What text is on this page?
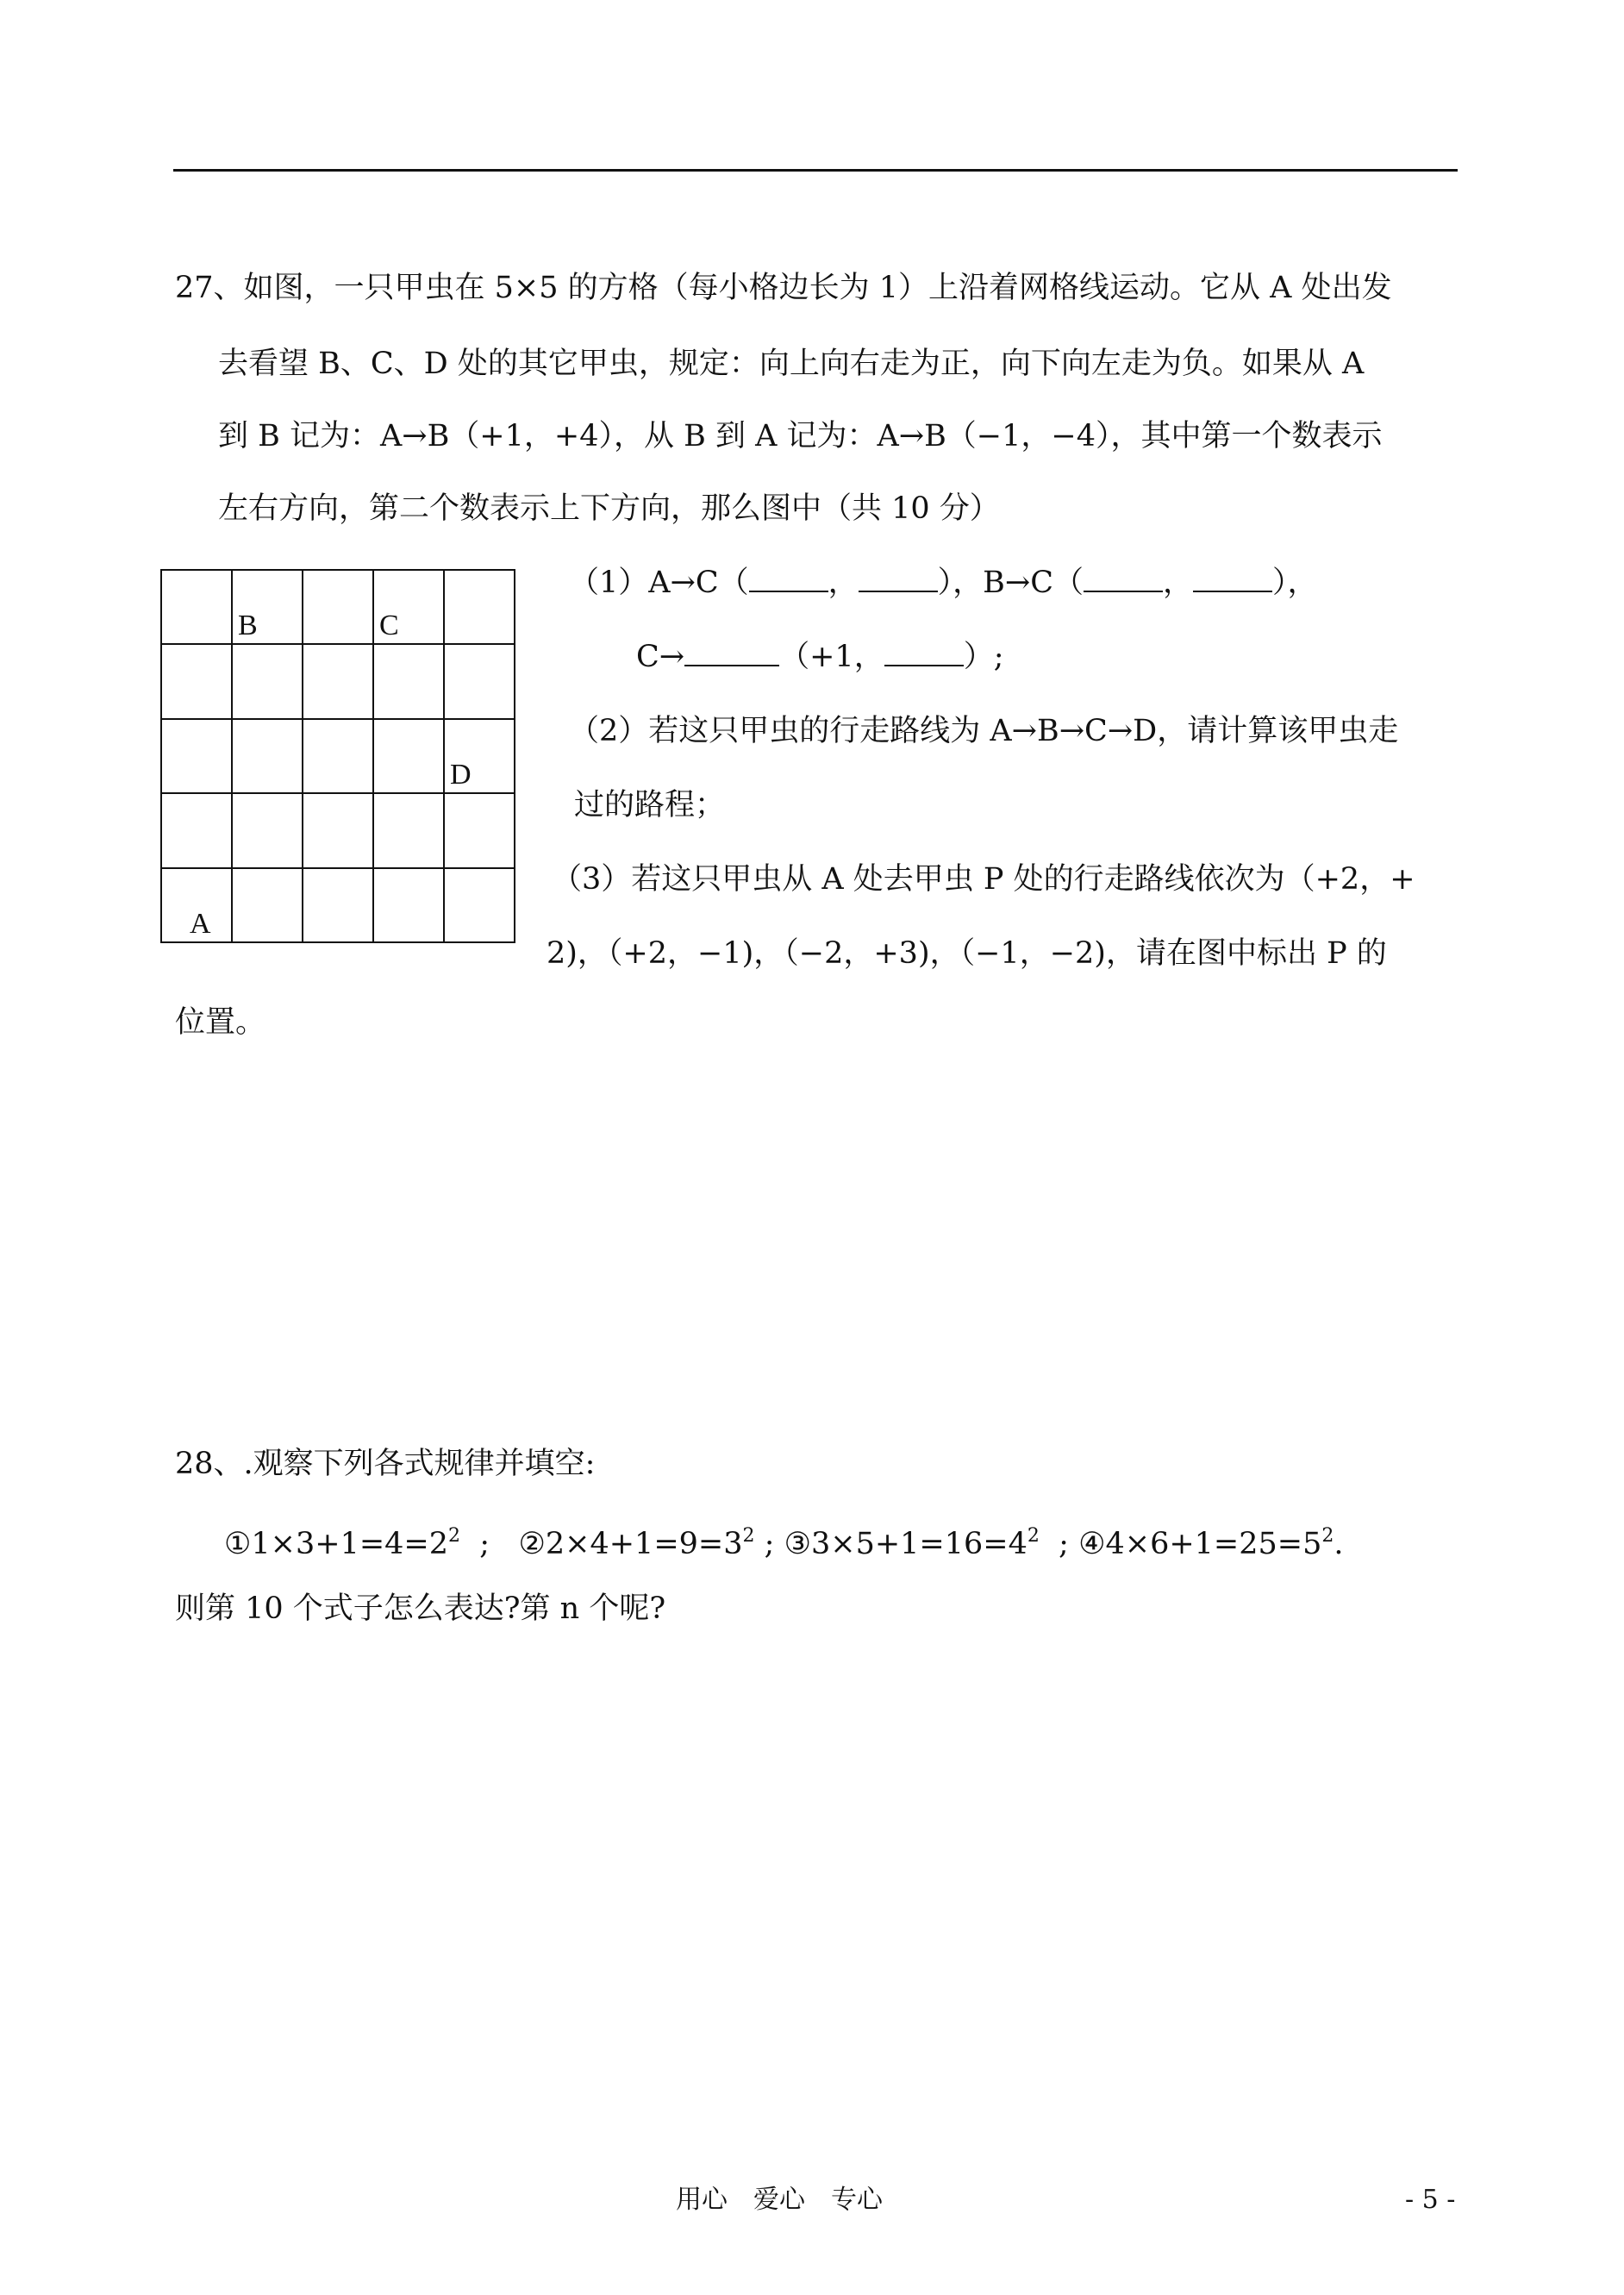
27、如图，一只甲虫在 5×5 的方格（每小格边长为 1）上沿着网格线运动。它从 A 处出发
去看望 B、C、D 处的其它甲虫，规定：向上向右走为正，向下向左走为负。如果从 A
到 B 记为：A→B（+1，+4），从 B 到 A 记为：A→B（−1，−4），其中第一个数表示
左右方向，第二个数表示上下方向，那么图中（共 10 分）
B	C
D
A
（1）A→C（	，	），B→C（	，	），
C→	（+1，	）;
（2）若这只甲虫的行走路线为 A→B→C→D，请计算该甲虫走
过的路程；
（3）若这只甲虫从 A 处去甲虫 P 处的行走路线依次为（+2，+
2)，（+2，−1)，（−2，+3)，（−1，−2)，请在图中标出 P 的
位置。
28、.观察下列各式规律并填空:
$①1\times 3+1=4=2^2$ ; $②2\times 4+1=9=3^2$ ; $③3\times 5+1=16=4^2$ ; $④4\times 6+1=25=5^2$.
则第 10 个式子怎么表达?第 n 个呢?
用心　爱心　专心	- 5 -
